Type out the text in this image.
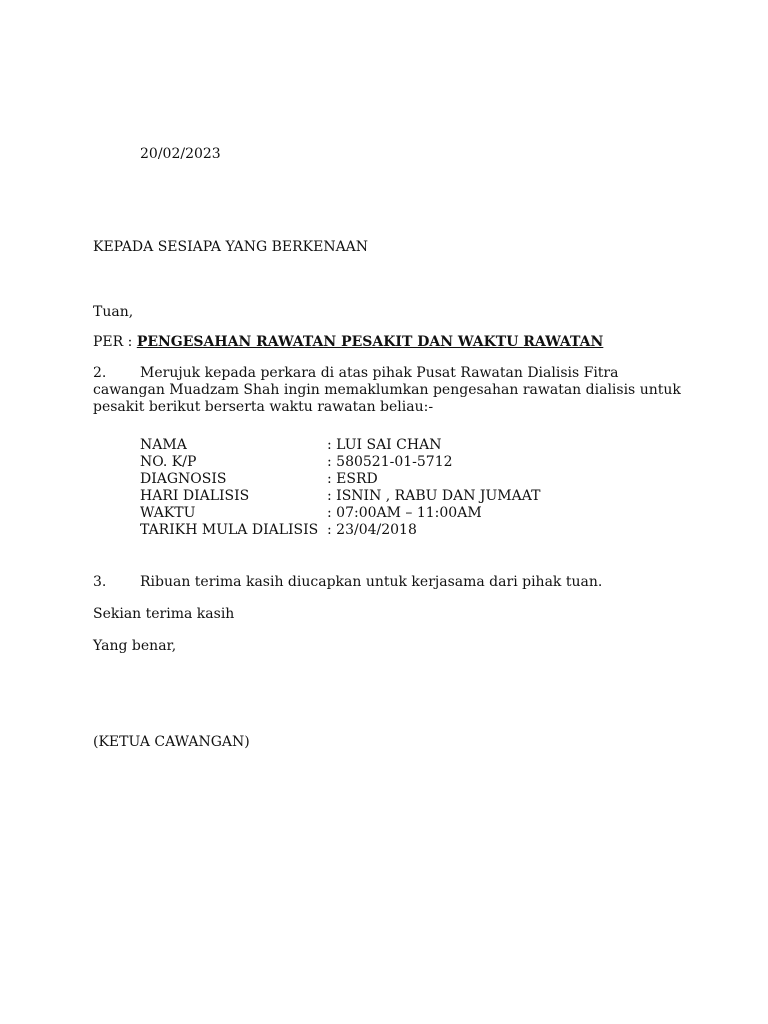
20/02/2023
KEPADA SESIAPA YANG BERKENAAN
Tuan,
PER : PENGESAHAN RAWATAN PESAKIT DAN WAKTU RAWATAN
2. Merujuk kepada perkara di atas pihak Pusat Rawatan Dialisis Fitra cawangan Muadzam Shah ingin memaklumkan pengesahan rawatan dialisis untuk pesakit berikut berserta waktu rawatan beliau:-
NAMA	: LUI SAI CHAN
NO. K/P	: 580521-01-5712
DIAGNOSIS	: ESRD
HARI DIALISIS	: ISNIN , RABU DAN JUMAAT
WAKTU	: 07:00AM – 11:00AM
TARIKH MULA DIALISIS	: 23/04/2018
3. Ribuan terima kasih diucapkan untuk kerjasama dari pihak tuan.
Sekian terima kasih
Yang benar,
(KETUA CAWANGAN)
